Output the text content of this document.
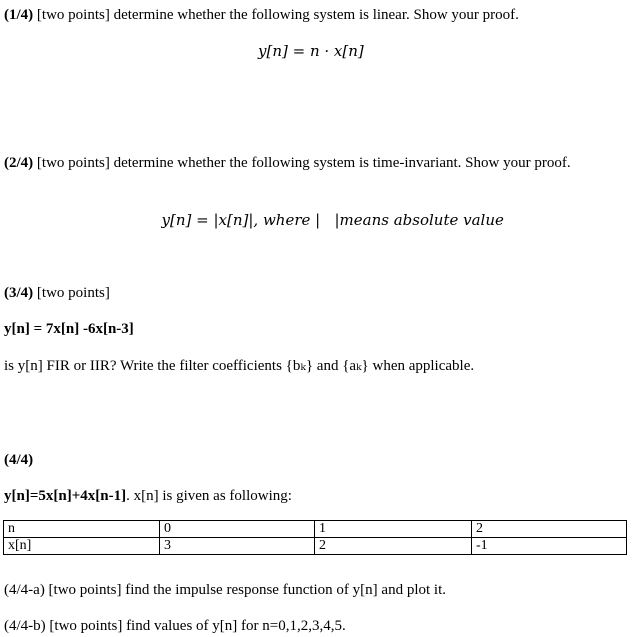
(1/4) [two points] determine whether the following system is linear. Show your proof.
y[n] = n · x[n]
(2/4) [two points] determine whether the following system is time-invariant. Show your proof.

y[n] = |x[n]|, where |   |means absolute value

(3/4) [two points]
y[n] = 7x[n] -6x[n-3]
is y[n] FIR or IIR? Write the filter coefficients {bₖ} and {aₖ} when applicable.
(4/4)
y[n]=5x[n]+4x[n-1]. x[n] is given as following:
n	0	1	2
x[n]	3	2	-1
(4/4-a) [two points] find the impulse response function of y[n] and plot it.
(4/4-b) [two points] find values of y[n] for n=0,1,2,3,4,5.
